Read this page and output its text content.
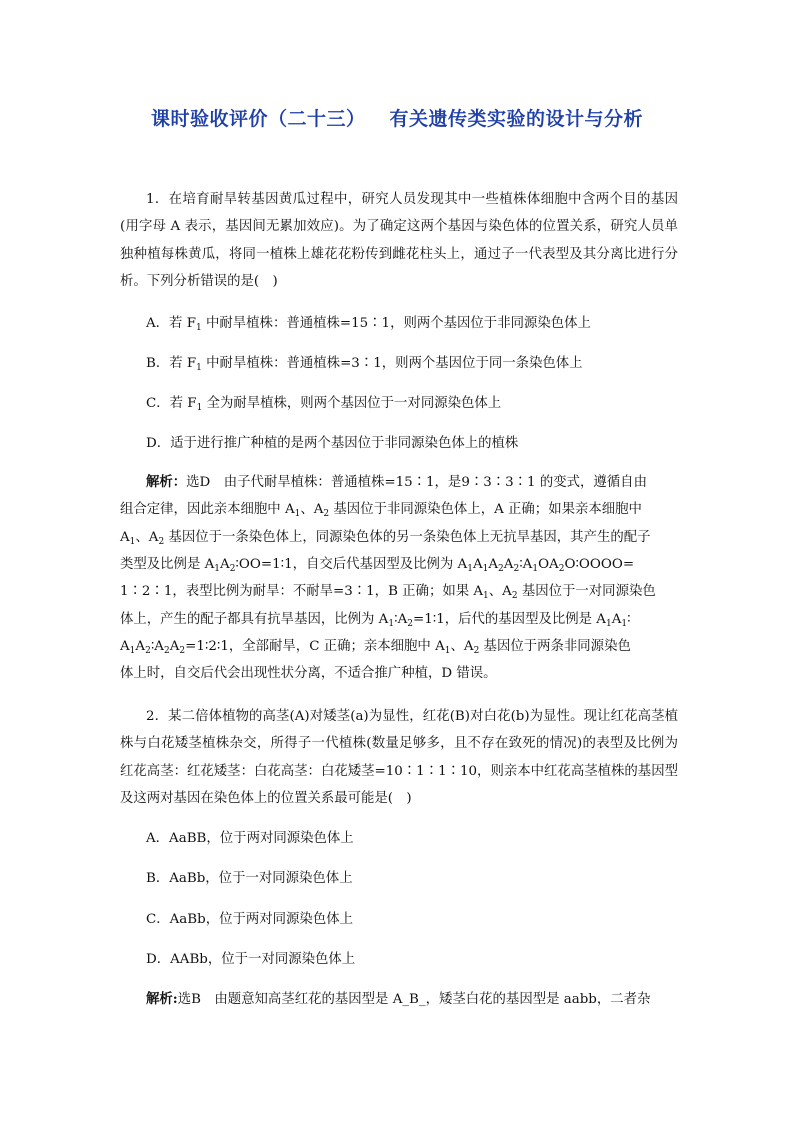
课时验收评价（二十三） 有关遗传类实验的设计与分析
1．在培育耐旱转基因黄瓜过程中，研究人员发现其中一些植株体细胞中含两个目的基因(用字母 A 表示，基因间无累加效应)。为了确定这两个基因与染色体的位置关系，研究人员单独种植每株黄瓜，将同一植株上雄花花粉传到雌花柱头上，通过子一代表型及其分离比进行分析。下列分析错误的是(　)
A．若 $F_1$ 中耐旱植株：普通植株=15∶1，则两个基因位于非同源染色体上
B．若 $F_1$ 中耐旱植株：普通植株=3∶1，则两个基因位于同一条染色体上
C．若 $F_1$ 全为耐旱植株，则两个基因位于一对同源染色体上
D．适于进行推广种植的是两个基因位于非同源染色体上的植株
解析：选D　由子代耐旱植株：普通植株=15∶1，是9∶3∶3∶1 的变式，遵循自由
组合定律，因此亲本细胞中 $A_1$、$A_2$ 基因位于非同源染色体上，A 正确；如果亲本细胞中
$A_1$、$A_2$ 基因位于一条染色体上，同源染色体的另一条染色体上无抗旱基因，其产生的配子
类型及比例是 $A_1A_2∶OO=1∶1$，自交后代基因型及比例为 $A_1A_1A_2A_2∶A_1OA_2O∶OOOO=$
1∶2∶1，表型比例为耐旱：不耐旱=3∶1，B 正确；如果 $A_1$、$A_2$ 基因位于一对同源染色
体上，产生的配子都具有抗旱基因，比例为 $A_1∶A_2=1∶1$，后代的基因型及比例是 $A_1A_1∶$
$A_1A_2∶A_2A_2=1∶2∶1$，全部耐旱，C 正确；亲本细胞中 $A_1$、$A_2$ 基因位于两条非同源染色
体上时，自交后代会出现性状分离，不适合推广种植，D 错误。
2．某二倍体植物的高茎(A)对矮茎(a)为显性，红花(B)对白花(b)为显性。现让红花高茎植株与白花矮茎植株杂交，所得子一代植株(数量足够多，且不存在致死的情况)的表型及比例为红花高茎：红花矮茎：白花高茎：白花矮茎=10∶1∶1∶10，则亲本中红花高茎植株的基因型及这两对基因在染色体上的位置关系最可能是(　)
A．AaBB，位于两对同源染色体上
B．AaBb，位于一对同源染色体上
C．AaBb，位于两对同源染色体上
D．AABb，位于一对同源染色体上
解析:选B　由题意知高茎红花的基因型是 A_B_，矮茎白花的基因型是 aabb，二者杂
